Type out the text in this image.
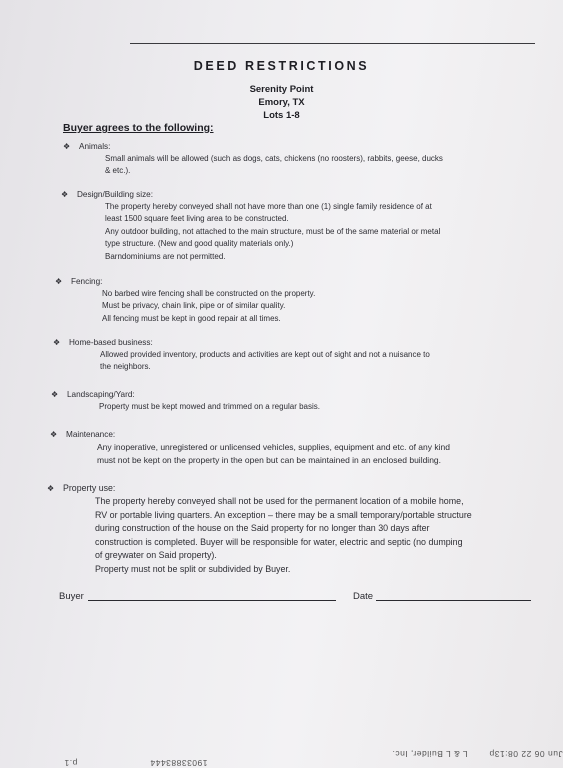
DEED RESTRICTIONS
Serenity Point
Emory, TX
Lots 1-8
Buyer agrees to the following:
❖ Animals:
Small animals will be allowed (such as dogs, cats, chickens (no roosters), rabbits, geese, ducks
& etc.).
❖ Design/Building size:
The property hereby conveyed shall not have more than one (1) single family residence of at
least 1500 square feet living area to be constructed.
Any outdoor building, not attached to the main structure, must be of the same material or metal
type structure. (New and good quality materials only.)
Barndominiums are not permitted.
❖ Fencing:
No barbed wire fencing shall be constructed on the property.
Must be privacy, chain link, pipe or of similar quality.
All fencing must be kept in good repair at all times.
❖ Home-based business:
Allowed provided inventory, products and activities are kept out of sight and not a nuisance to
the neighbors.
❖ Landscaping/Yard:
Property must be kept mowed and trimmed on a regular basis.
❖ Maintenance:
Any inoperative, unregistered or unlicensed vehicles, supplies, equipment and etc. of any kind
must not be kept on the property in the open but can be maintained in an enclosed building.
❖ Property use:
The property hereby conveyed shall not be used for the permanent location of a mobile home,
RV or portable living quarters. An exception – there may be a small temporary/portable structure
during construction of the house on the Said property for no longer than 30 days after
construction is completed. Buyer will be responsible for water, electric and septic (no dumping
of greywater on Said property).
Property must not be split or subdivided by Buyer.
Buyer	Date
Jun 06 22 08:13p
L & L Builder, Inc.
19033883444
p.1
